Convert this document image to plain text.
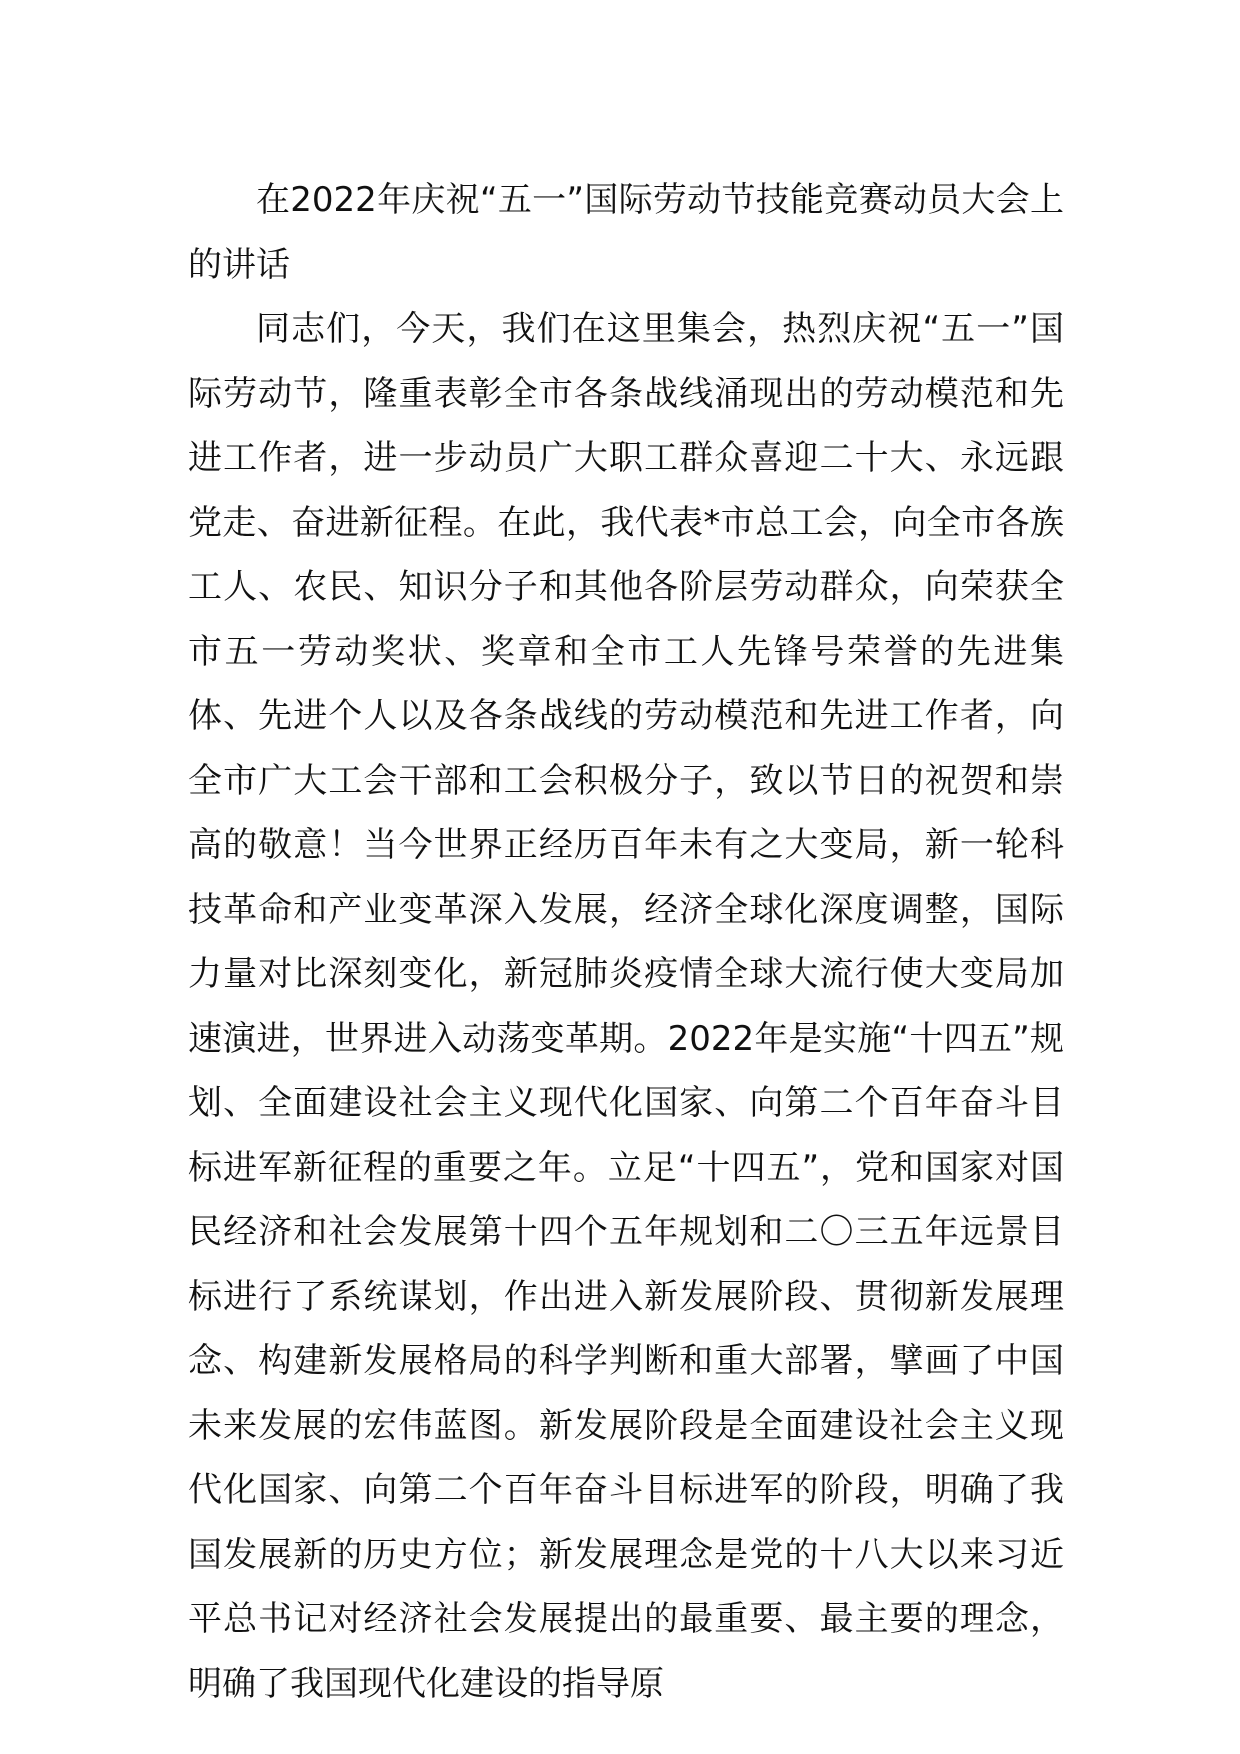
在2022年庆祝“五一”国际劳动节技能竞赛动员大会上的讲话

同志们，今天，我们在这里集会，热烈庆祝“五一”国际劳动节，隆重表彰全市各条战线涌现出的劳动模范和先进工作者，进一步动员广大职工群众喜迎二十大、永远跟党走、奋进新征程。在此，我代表*市总工会，向全市各族工人、农民、知识分子和其他各阶层劳动群众，向荣获全市五一劳动奖状、奖章和全市工人先锋号荣誉的先进集体、先进个人以及各条战线的劳动模范和先进工作者，向全市广大工会干部和工会积极分子，致以节日的祝贺和崇高的敬意！当今世界正经历百年未有之大变局，新一轮科技革命和产业变革深入发展，经济全球化深度调整，国际力量对比深刻变化，新冠肺炎疫情全球大流行使大变局加速演进，世界进入动荡变革期。2022年是实施“十四五”规划、全面建设社会主义现代化国家、向第二个百年奋斗目标进军新征程的重要之年。立足“十四五”，党和国家对国民经济和社会发展第十四个五年规划和二〇三五年远景目标进行了系统谋划，作出进入新发展阶段、贯彻新发展理念、构建新发展格局的科学判断和重大部署，擘画了中国未来发展的宏伟蓝图。新发展阶段是全面建设社会主义现代化国家、向第二个百年奋斗目标进军的阶段，明确了我国发展新的历史方位；新发展理念是党的十八大以来习近平总书记对经济社会发展提出的最重要、最主要的理念，明确了我国现代化建设的指导原
